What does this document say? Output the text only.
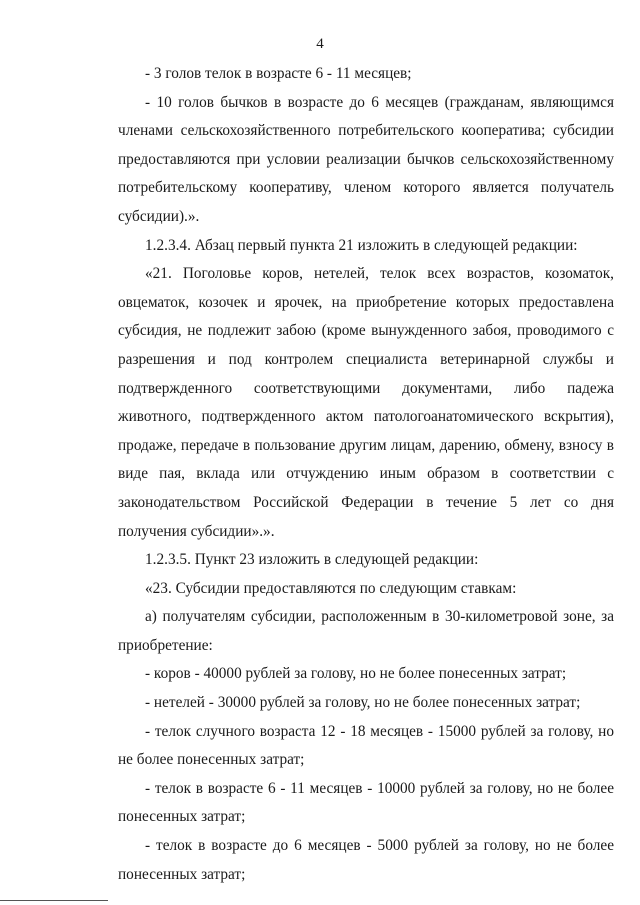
4

- 3 голов телок в возрасте 6 - 11 месяцев;

- 10 голов бычков в возрасте до 6 месяцев (гражданам, являющимся членами сельскохозяйственного потребительского кооператива; субсидии предоставляются при условии реализации бычков сельскохозяйственному потребительскому кооперативу, членом которого является получатель субсидии).».

1.2.3.4. Абзац первый пункта 21 изложить в следующей редакции:

«21. Поголовье коров, нетелей, телок всех возрастов, козоматок, овцематок, козочек и ярочек, на приобретение которых предоставлена субсидия, не подлежит забою (кроме вынужденного забоя, проводимого с разрешения и под контролем специалиста ветеринарной службы и подтвержденного соответствующими документами, либо падежа животного, подтвержденного актом патологоанатомического вскрытия), продаже, передаче в пользование другим лицам, дарению, обмену, взносу в виде пая, вклада или отчуждению иным образом в соответствии с законодательством Российской Федерации в течение 5 лет со дня получения субсидии».».

1.2.3.5. Пункт 23 изложить в следующей редакции:

«23. Субсидии предоставляются по следующим ставкам:

а) получателям субсидии, расположенным в 30-километровой зоне, за приобретение:

- коров - 40000 рублей за голову, но не более понесенных затрат;

- нетелей - 30000 рублей за голову, но не более понесенных затрат;

- телок случного возраста 12 - 18 месяцев - 15000 рублей за голову, но не более понесенных затрат;

- телок в возрасте 6 - 11 месяцев - 10000 рублей за голову, но не более понесенных затрат;

- телок в возрасте до 6 месяцев - 5000 рублей за голову, но не более понесенных затрат;
